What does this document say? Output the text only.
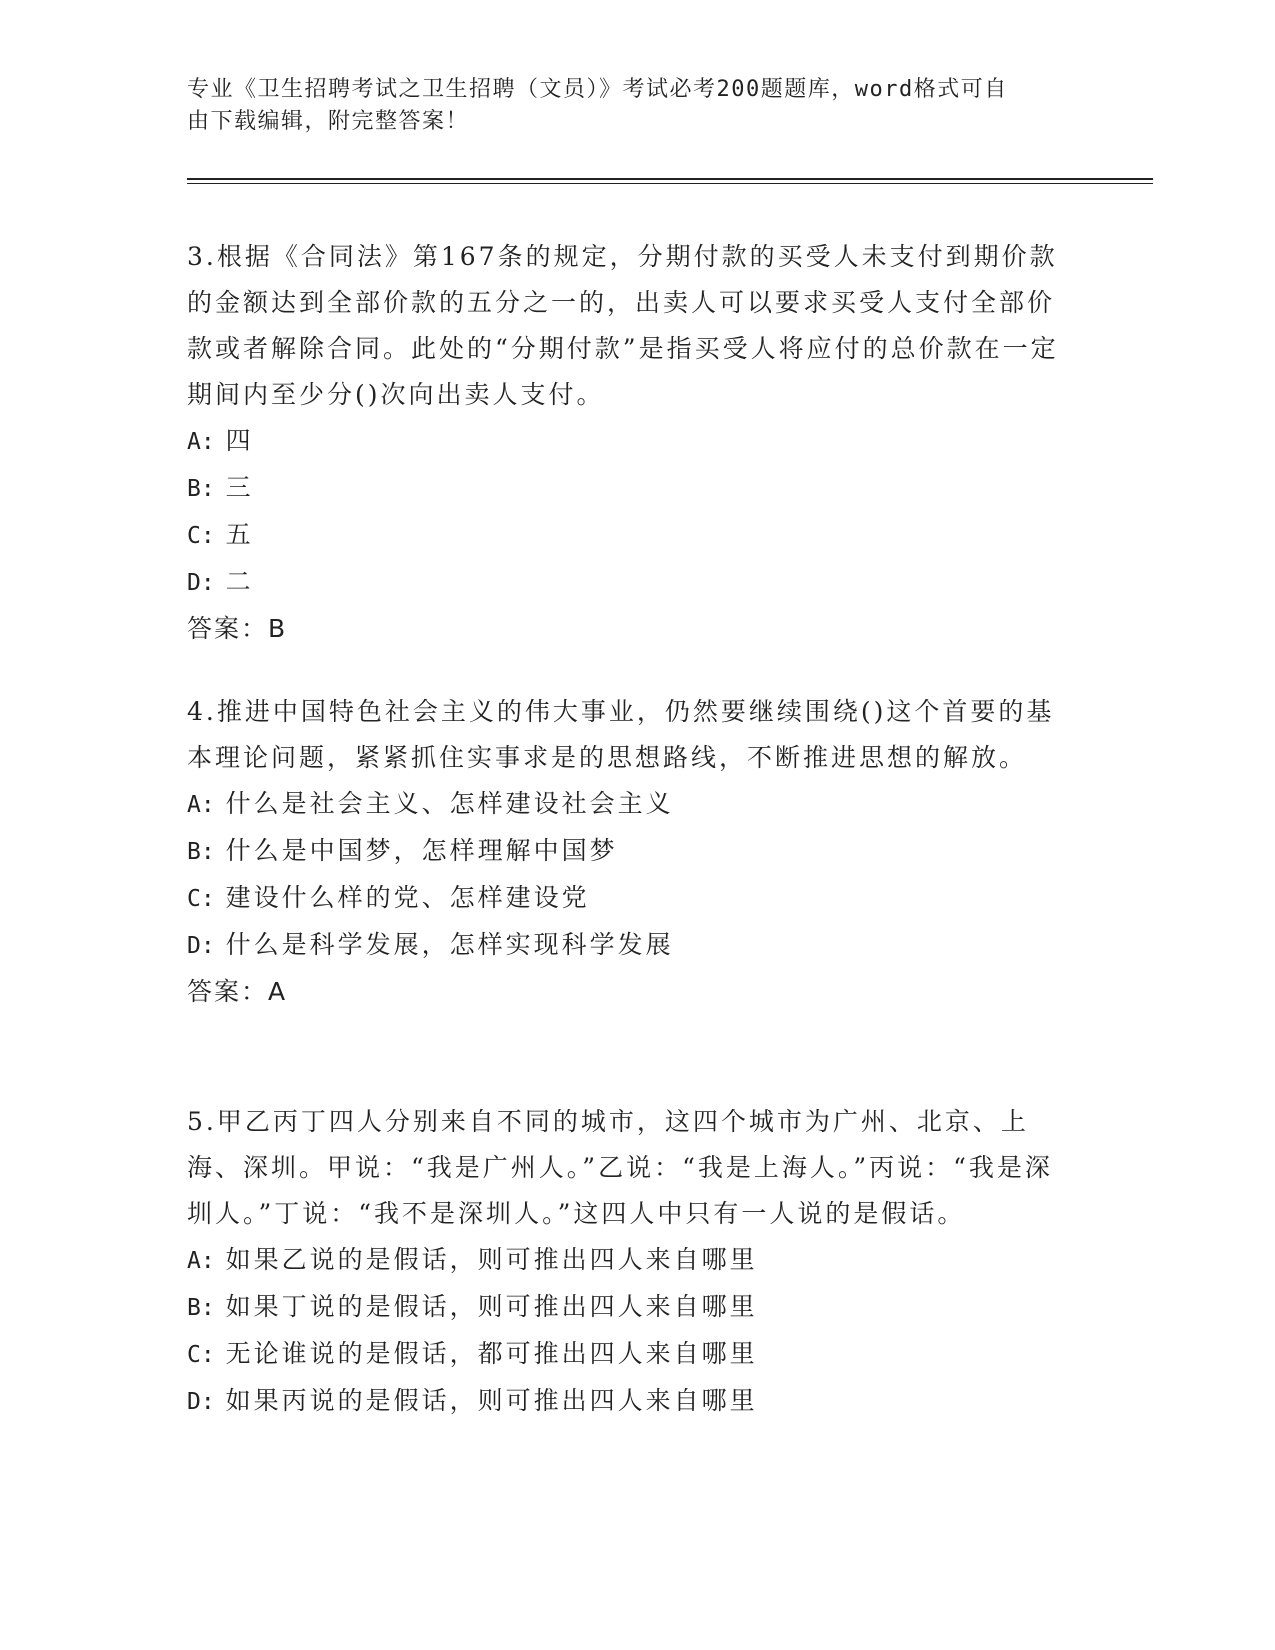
专业《卫生招聘考试之卫生招聘（文员）》考试必考200题题库，word格式可自
由下载编辑，附完整答案！

3.根据《合同法》第167条的规定，分期付款的买受人未支付到期价款的金额达到全部价款的五分之一的，出卖人可以要求买受人支付全部价款或者解除合同。此处的“分期付款”是指买受人将应付的总价款在一定期间内至少分()次向出卖人支付。

A: 四

B: 三

C: 五

D: 二

答案：B

4.推进中国特色社会主义的伟大事业，仍然要继续围绕()这个首要的基本理论问题，紧紧抓住实事求是的思想路线，不断推进思想的解放。

A: 什么是社会主义、怎样建设社会主义

B: 什么是中国梦，怎样理解中国梦

C: 建设什么样的党、怎样建设党

D: 什么是科学发展，怎样实现科学发展

答案：A

5.甲乙丙丁四人分别来自不同的城市，这四个城市为广州、北京、上海、深圳。甲说：“我是广州人。”乙说：“我是上海人。”丙说：“我是深圳人。”丁说：“我不是深圳人。”这四人中只有一人说的是假话。

A: 如果乙说的是假话，则可推出四人来自哪里

B: 如果丁说的是假话，则可推出四人来自哪里

C: 无论谁说的是假话，都可推出四人来自哪里

D: 如果丙说的是假话，则可推出四人来自哪里
